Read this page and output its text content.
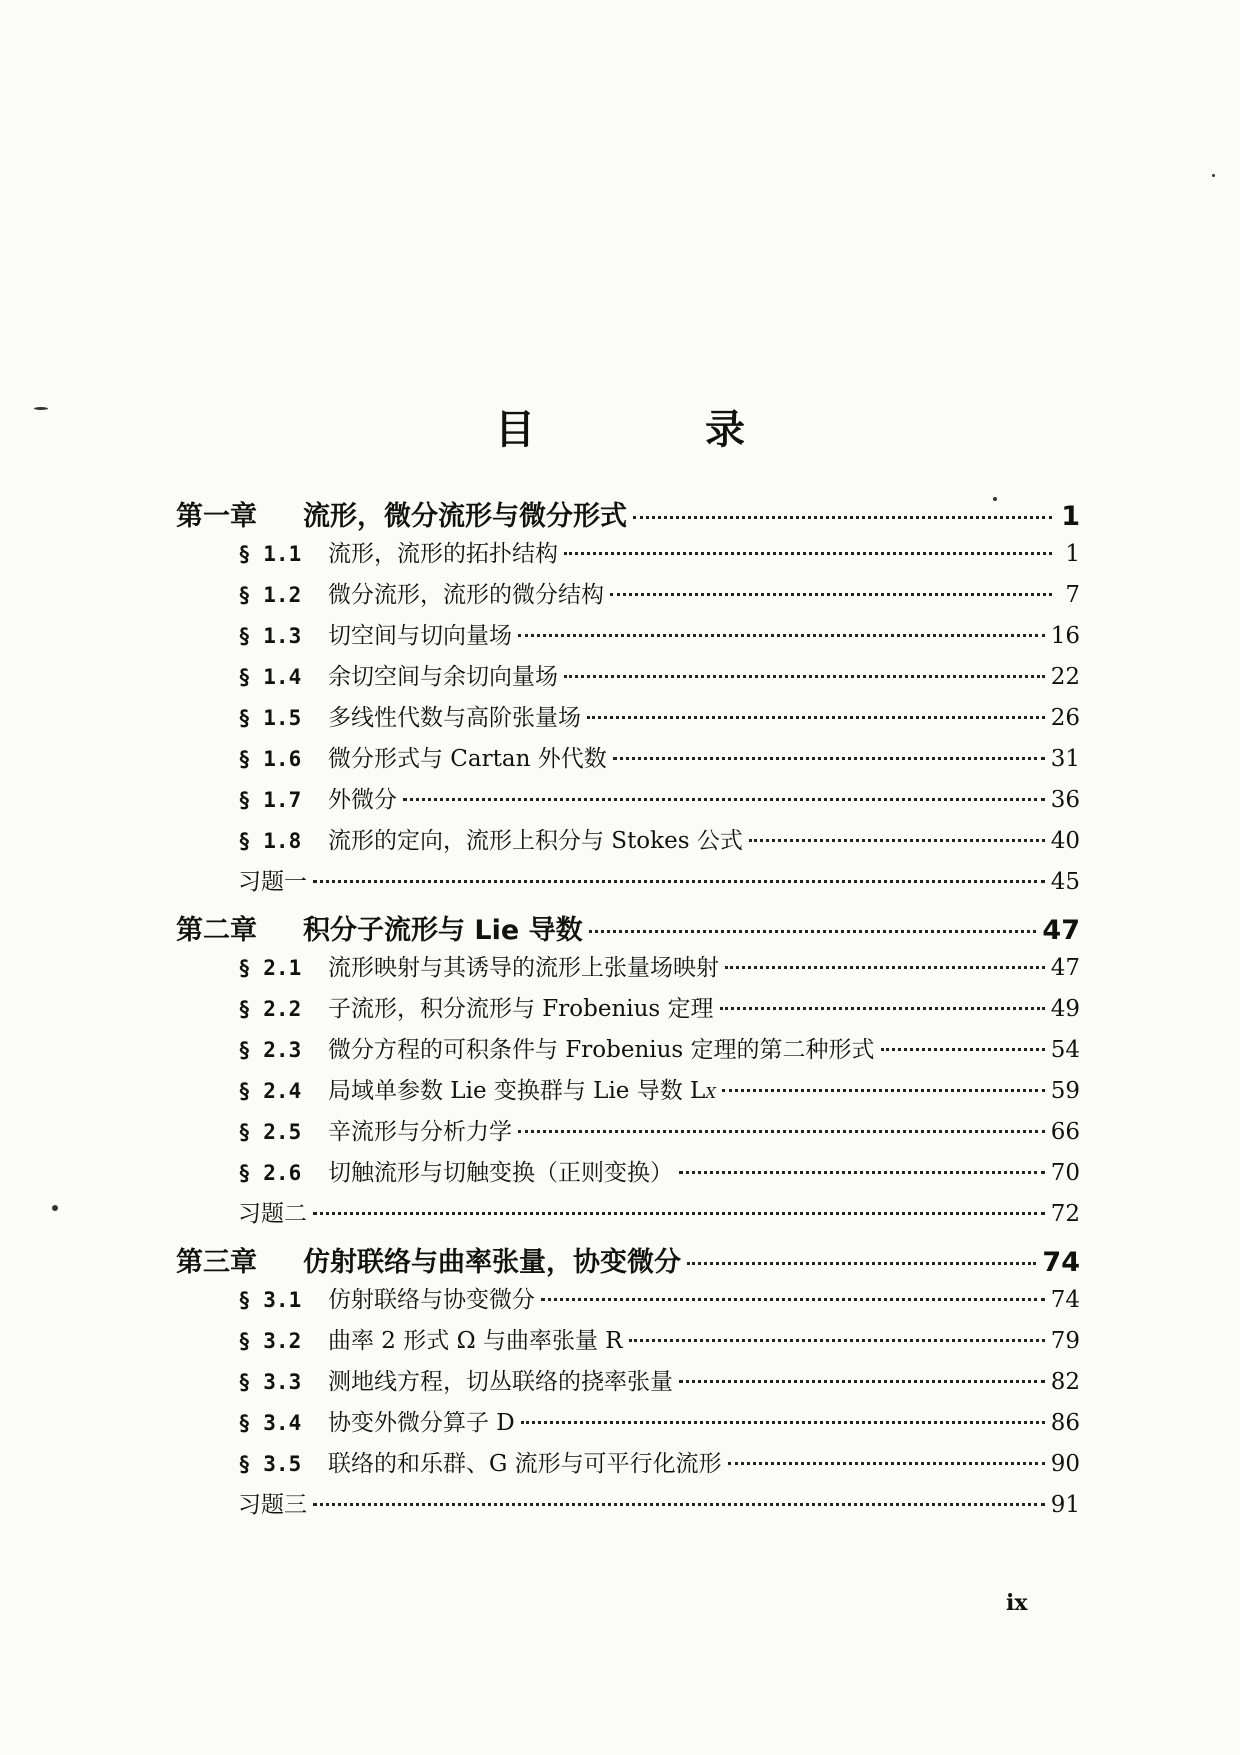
目 录
第一章	流形，微分流形与微分形式	1
§ 1.1	流形，流形的拓扑结构	1
§ 1.2	微分流形，流形的微分结构	7
§ 1.3	切空间与切向量场	16
§ 1.4	余切空间与余切向量场	22
§ 1.5	多线性代数与高阶张量场	26
§ 1.6	微分形式与 Cartan 外代数	31
§ 1.7	外微分	36
§ 1.8	流形的定向，流形上积分与 Stokes 公式	40
习题一	45
第二章	积分子流形与 Lie 导数	47
§ 2.1	流形映射与其诱导的流形上张量场映射	47
§ 2.2	子流形，积分流形与 Frobenius 定理	49
§ 2.3	微分方程的可积条件与 Frobenius 定理的第二种形式	54
§ 2.4	局域单参数 Lie 变换群与 Lie 导数 L X	59
§ 2.5	辛流形与分析力学	66
§ 2.6	切触流形与切触变换（正则变换）	70
习题二	72
第三章	仿射联络与曲率张量，协变微分	74
§ 3.1	仿射联络与协变微分	74
§ 3.2	曲率 2 形式 Ω 与曲率张量 R	79
§ 3.3	测地线方程，切丛联络的挠率张量	82
§ 3.4	协变外微分算子 D	86
§ 3.5	联络的和乐群、G 流形与可平行化流形	90
习题三	91
ix
